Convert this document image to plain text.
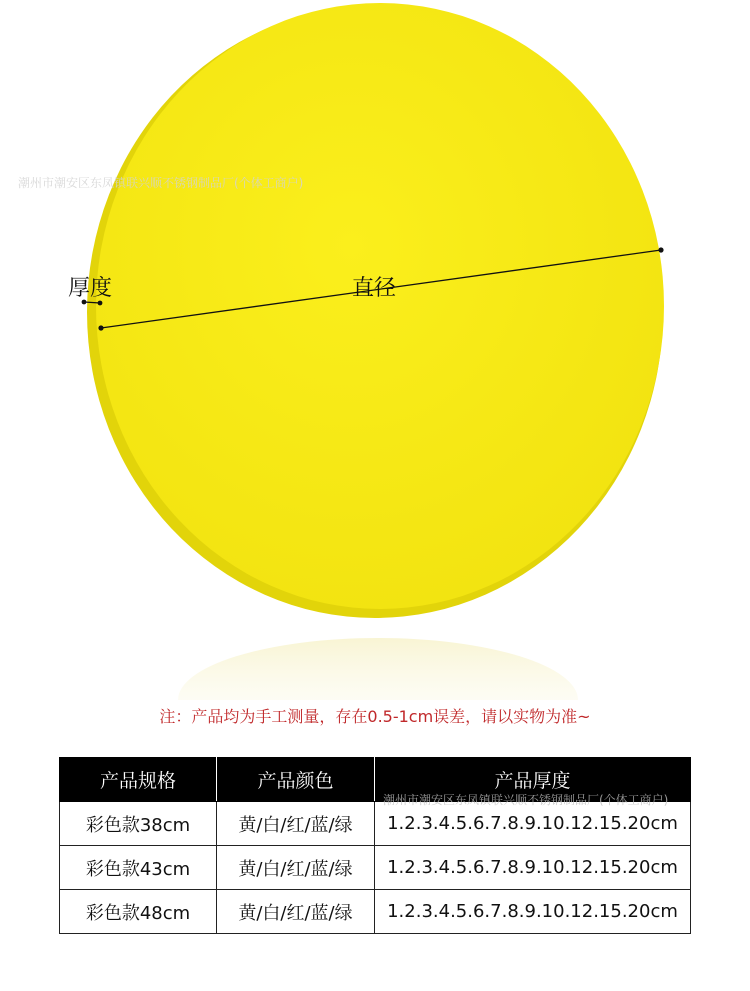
潮州市潮安区东凤镇联兴顺不锈钢制品厂(个体工商户)
厚度	直径
注：产品均为手工测量，存在0.5-1cm误差，请以实物为准~
产品规格	产品颜色	产品厚度
彩色款38cm	黄/白/红/蓝/绿	1.2.3.4.5.6.7.8.9.10.12.15.20cm
彩色款43cm	黄/白/红/蓝/绿	1.2.3.4.5.6.7.8.9.10.12.15.20cm
彩色款48cm	黄/白/红/蓝/绿	1.2.3.4.5.6.7.8.9.10.12.15.20cm
潮州市潮安区东凤镇联兴顺不锈钢制品厂(个体工商户)
